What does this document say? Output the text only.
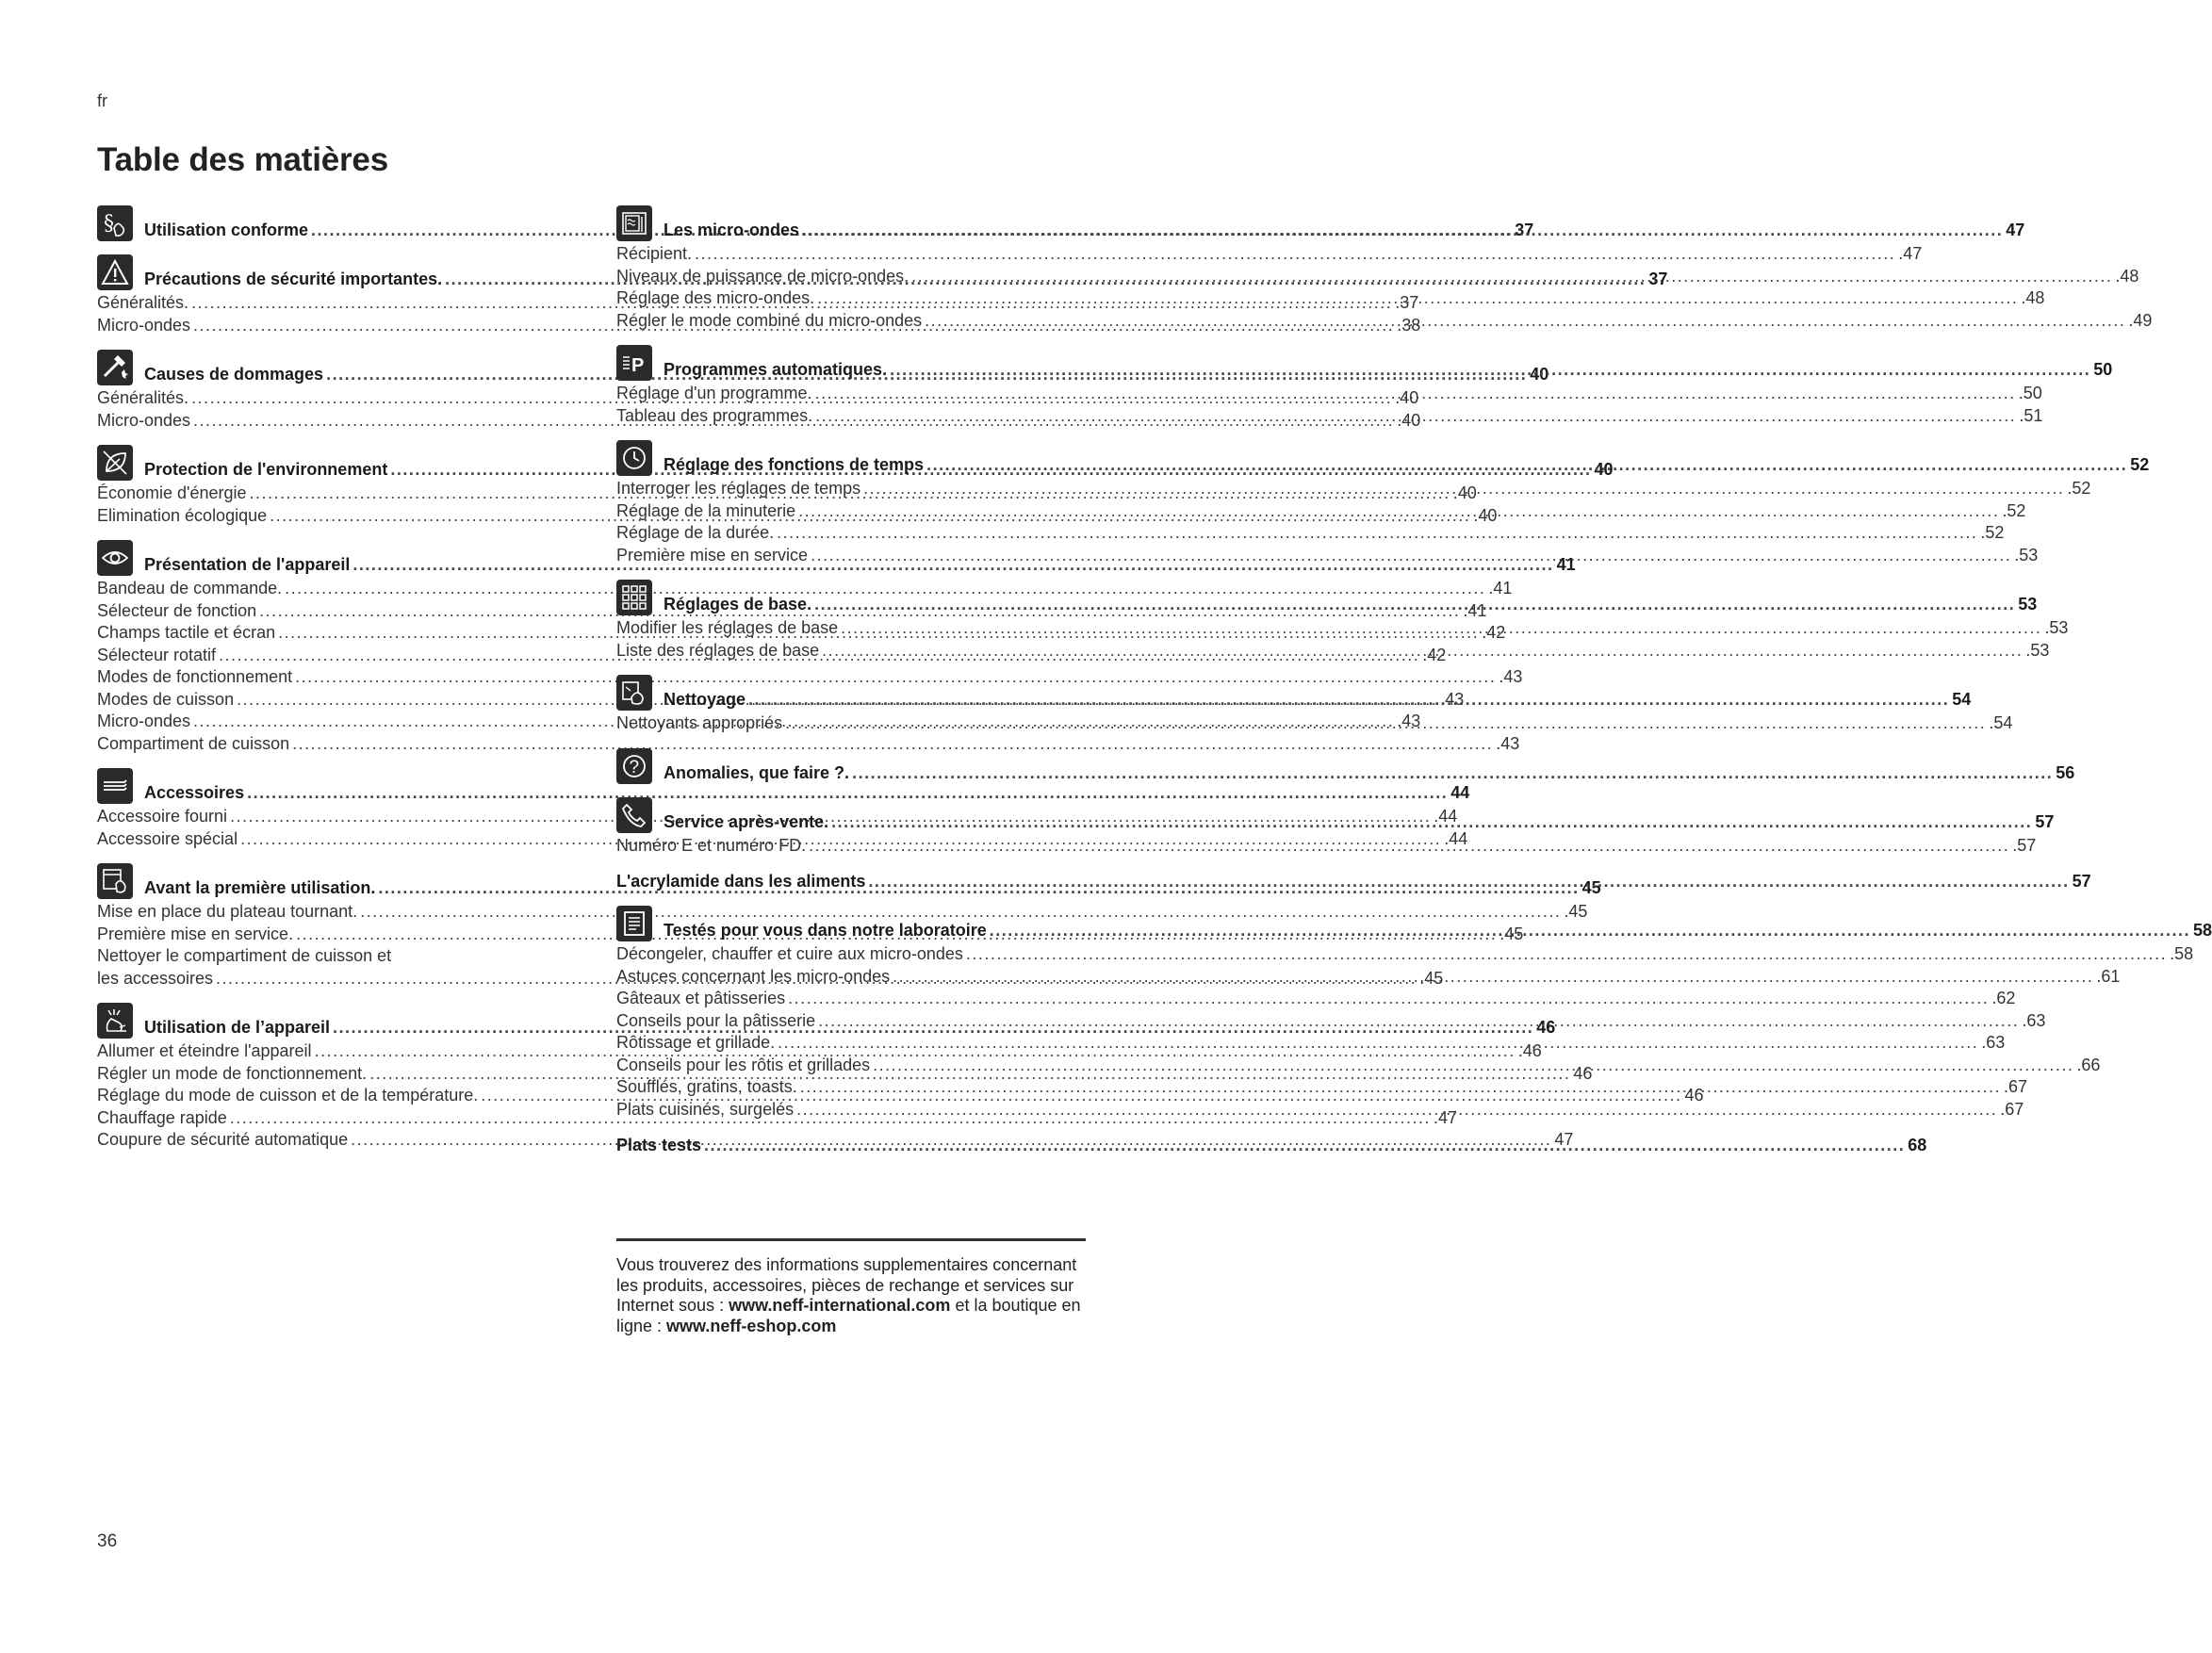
fr
Table des matières
§ Utilisation conforme .....	37
Précautions de sécurité importantes. .....	37
Généralités. .....	.37
Micro-ondes .....	.38
Causes de dommages .....	40
Généralités. .....	.40
Micro-ondes .....	.40
Protection de l'environnement .....	40
Économie d'énergie .....	.40
Elimination écologique .....	.40
Présentation de l'appareil .....	41
Bandeau de commande. .....	.41
Sélecteur de fonction .....	.41
Champs tactile et écran .....	.42
Sélecteur rotatif .....	.42
Modes de fonctionnement .....	.43
Modes de cuisson .....	.43
Micro-ondes .....	.43
Compartiment de cuisson .....	.43
Accessoires .....	44
Accessoire fourni .....	.44
Accessoire spécial .....	.44
Avant la première utilisation. .....	45
Mise en place du plateau tournant. .....	.45
Première mise en service. .....	.45
Nettoyer le compartiment de cuisson et
les accessoires .....	.45
Utilisation de l’appareil .....	46
Allumer et éteindre l'appareil .....	.46
Régler un mode de fonctionnement. .....	46
Réglage du mode de cuisson et de la température. .....	46
Chauffage rapide .....	.47
Coupure de sécurité automatique .....	47
Les micro-ondes .....	47
Récipient. .....	.47
Niveaux de puissance de micro-ondes. .....	.48
Réglage des micro-ondes. .....	.48
Régler le mode combiné du micro-ondes .....	.49
P Programmes automatiques. .....	50
Réglage d'un programme. .....	.50
Tableau des programmes. .....	.51
Réglage des fonctions de temps .....	52
Interroger les réglages de temps .....	.52
Réglage de la minuterie .....	.52
Réglage de la durée. .....	.52
Première mise en service .....	.53
Réglages de base. .....	53
Modifier les réglages de base .....	.53
Liste des réglages de base .....	.53
Nettoyage .....	54
Nettoyants appropriés .....	.54
? Anomalies, que faire ?. .....	56
Service après-vente. .....	57
Numéro E et numéro FD. .....	.57
L'acrylamide dans les aliments .....	57
Testés pour vous dans notre laboratoire .....	58
Décongeler, chauffer et cuire aux micro-ondes .....	.58
Astuces concernant les micro-ondes .....	.61
Gâteaux et pâtisseries .....	.62
Conseils pour la pâtisserie .....	.63
Rôtissage et grillade. .....	.63
Conseils pour les rôtis et grillades .....	.66
Soufflés, gratins, toasts. .....	.67
Plats cuisinés, surgelés .....	.67
Plats tests .....	68

Vous trouverez des informations supplementaires concernant les produits, accessoires, pièces de rechange et services sur Internet sous : www.neff-international.com et la boutique en ligne : www.neff-eshop.com

36
